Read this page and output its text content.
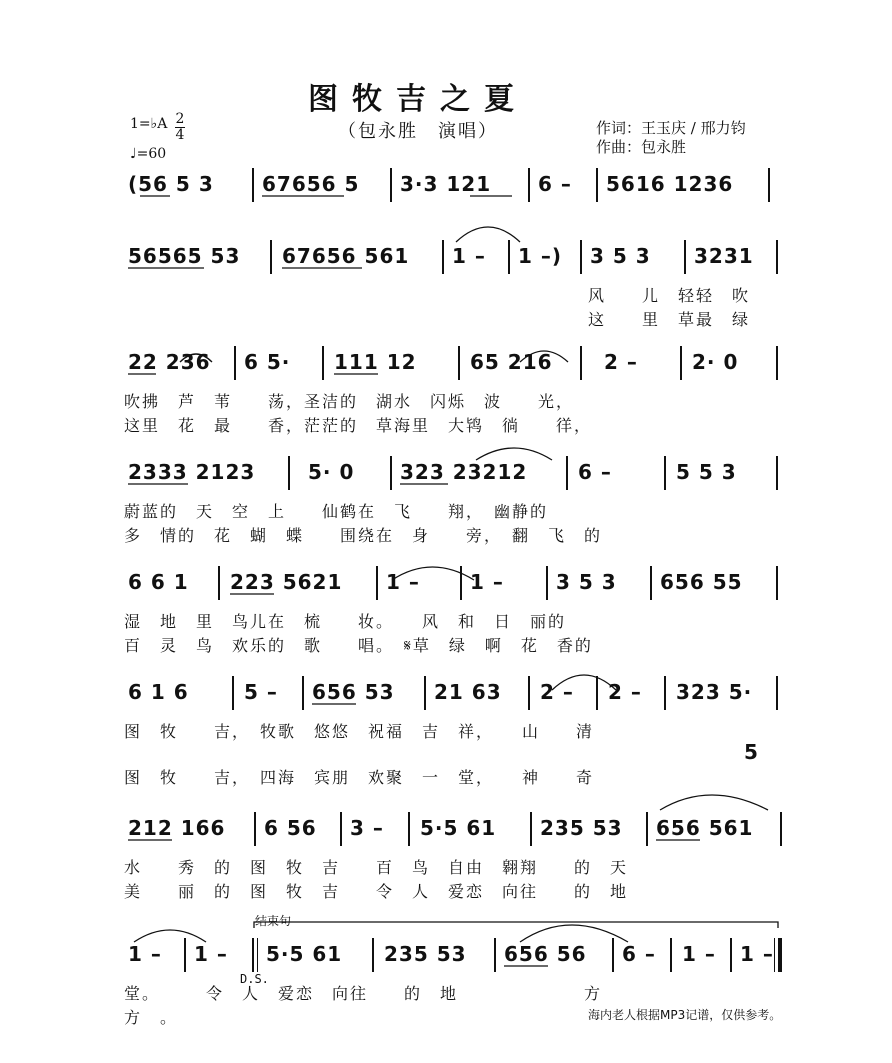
图牧吉之夏
（包永胜　演唱）	作词：王玉庆 / 邢力钧
作曲：包永胜
1=♭A 2
4
♩=60
(56 5 3 67656 5 3·3 121 6 – 5616 1236
56565 53 67656 561 1 – 1 –) 3 5 3 3231
风　　儿　轻轻　吹
这　　里　草最　绿
22 236 6 5· 111 12	65 216	2 –	2· 0
吹拂　芦　苇　　荡，圣洁的　湖水　闪烁　波　　光，
这里　花　最　　香，茫茫的　草海里　大鸨　徜　　徉，
2333 2123	5· 0 323 23212	6 –	5 5 3
蔚蓝的　天　空　上　　仙鹤在　飞　　翔，　幽静的
多　情的　花　蝴　蝶　　围绕在　身　　旁，　翻　飞　的
6 6 1 223 5621 1 –	1 –	3 5 3 656 55
湿　地　里　鸟儿在　梳　　妆。　　风　和　日　丽的
百　灵　鸟　欢乐的　歌　　唱。　𝄋草　绿　啊　花　香的
6 1 6	5 – 656 53 21 63 2 – 2 – 323 5·
图　牧　　吉，　牧歌　悠悠　祝福　吉　祥，　　山　　清
5
图　牧　　吉，　四海　宾朋　欢聚　一　堂，　　神　　奇
212 166 6 56 3 – 5·5 61 235 53 656 561
水　　秀　的　图　牧　吉　　百　鸟　自由　翱翔　　的　天
美　　丽　的　图　牧　吉　　令　人　爱恋　向往　　的　地
结束句
1 – 1 – 5·5 61 235 53 656 56 6 – 1 – 1 –
D.S.
堂。　　　令　人　爱恋　向往　　的　地　　　　　　　方
方　。	海内老人根据MP3记谱，仅供参考。
